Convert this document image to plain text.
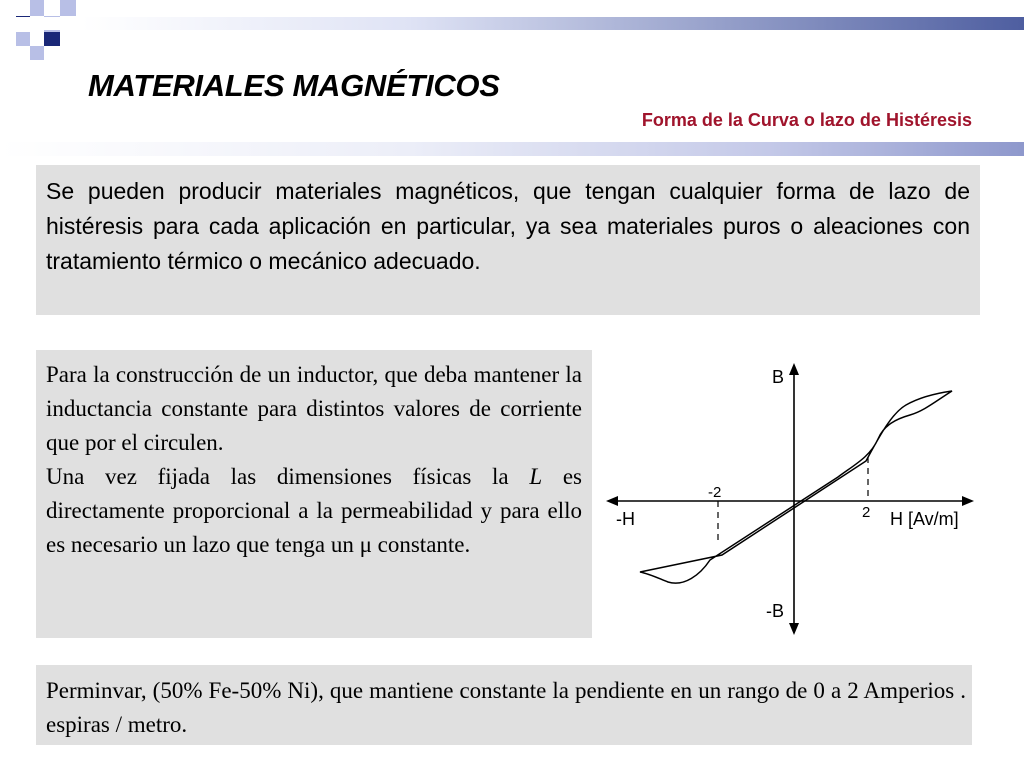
MATERIALES MAGNÉTICOS
Forma de la Curva o lazo de Histéresis

Se pueden producir materiales magnéticos, que tengan cualquier forma de lazo de histéresis para cada aplicación en particular, ya sea materiales puros o aleaciones con tratamiento térmico o mecánico adecuado.

Para la construcción de un inductor, que deba mantener la inductancia constante para distintos valores de corriente que por el circulen.
Una vez fijada las dimensiones físicas la L es directamente proporcional a la permeabilidad y para ello es necesario un lazo que tenga un μ constante.

B
-B
H [Av/m]
-H
-2
2

Perminvar, (50% Fe-50% Ni), que mantiene constante la pendiente en un rango de 0 a 2 Amperios . espiras / metro.
